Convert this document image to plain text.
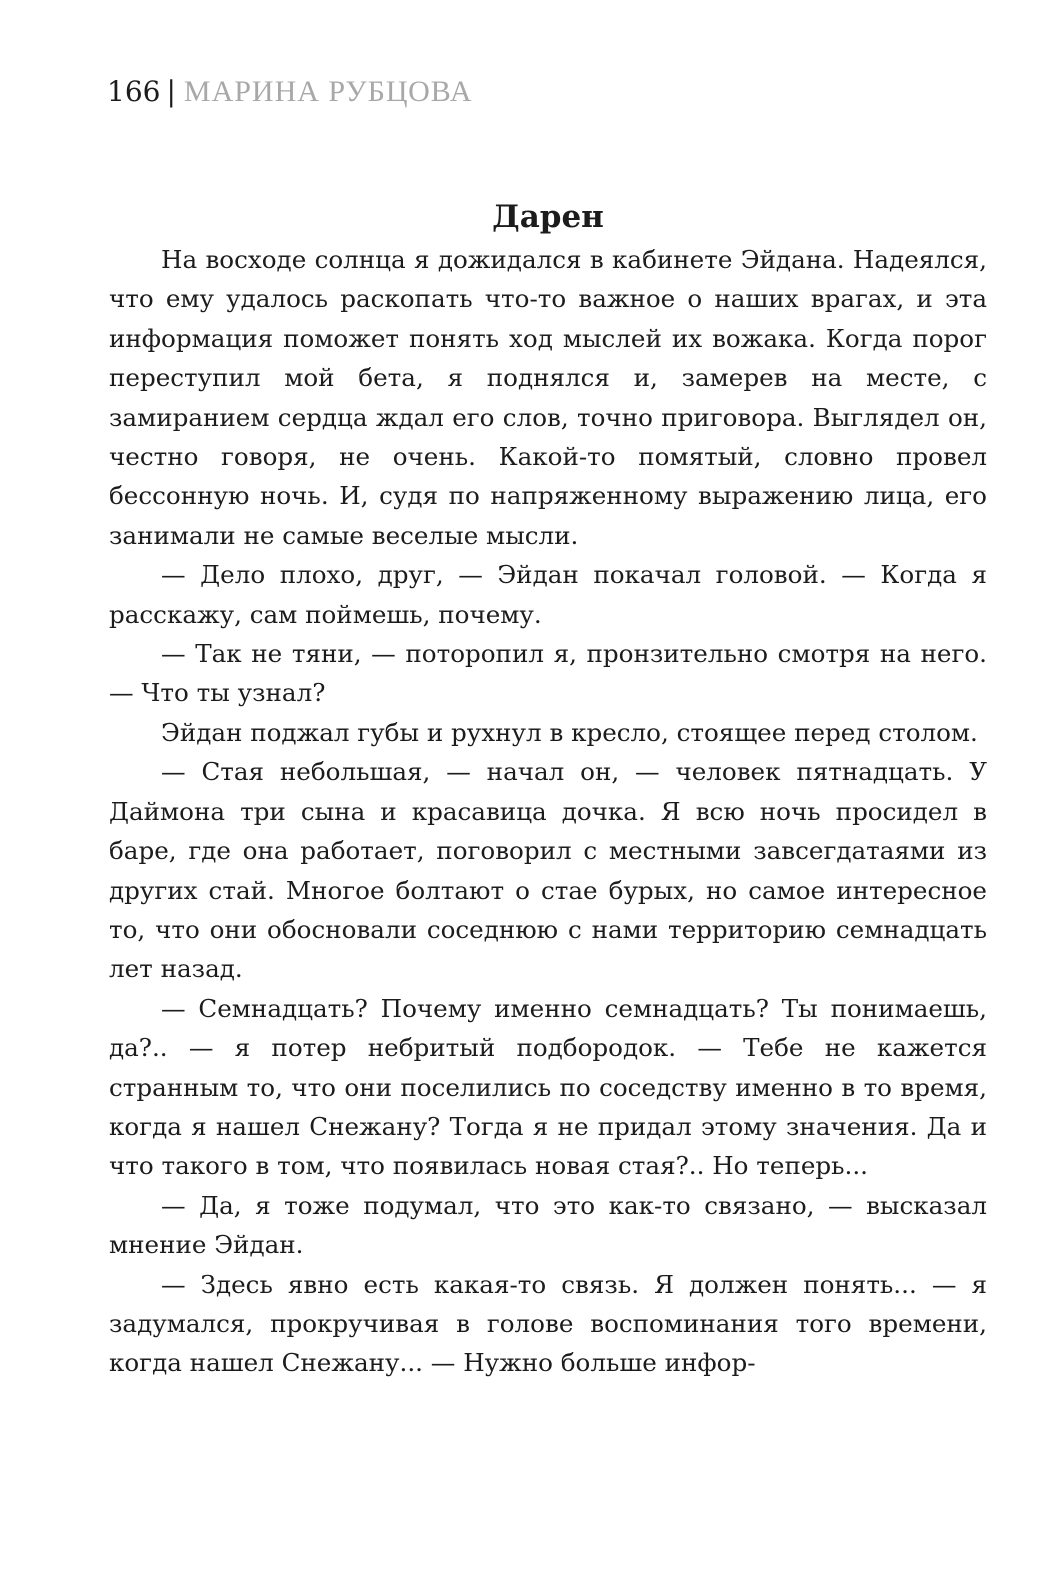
166 | МАРИНА РУБЦОВА
Дарен

На восходе солнца я дожидался в кабинете Эйдана. Надеялся, что ему удалось раскопать что-то важное о наших врагах, и эта информация поможет понять ход мыслей их вожака. Когда порог переступил мой бета, я поднялся и, замерев на месте, с замиранием сердца ждал его слов, точно приговора. Выглядел он, честно говоря, не очень. Какой-то помятый, словно провел бессонную ночь. И, судя по напряженному выражению лица, его занимали не самые веселые мысли.

— Дело плохо, друг, — Эйдан покачал головой. — Когда я расскажу, сам поймешь, почему.

— Так не тяни, — поторопил я, пронзительно смотря на него. — Что ты узнал?

Эйдан поджал губы и рухнул в кресло, стоящее перед столом.

— Стая небольшая, — начал он, — человек пятнадцать. У Даймона три сына и красавица дочка. Я всю ночь просидел в баре, где она работает, поговорил с местными завсегдатаями из других стай. Многое болтают о стае бурых, но самое интересное то, что они обосновали соседнюю с нами территорию семнадцать лет назад.

— Семнадцать? Почему именно семнадцать? Ты понимаешь, да?.. — я потер небритый подбородок. — Тебе не кажется странным то, что они поселились по соседству именно в то время, когда я нашел Снежану? Тогда я не придал этому значения. Да и что такого в том, что появилась новая стая?.. Но теперь...

— Да, я тоже подумал, что это как-то связано, — высказал мнение Эйдан.

— Здесь явно есть какая-то связь. Я должен понять... — я задумался, прокручивая в голове воспоминания того времени, когда нашел Снежану... — Нужно больше инфор-
